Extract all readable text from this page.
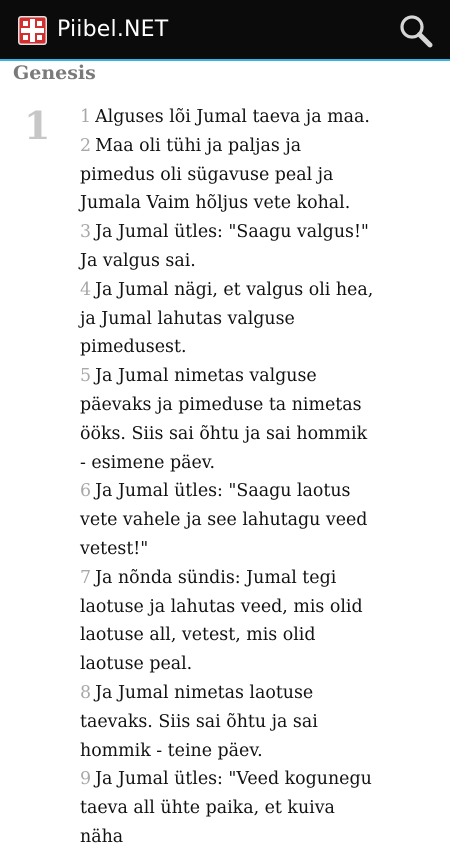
Piibel.NET
Genesis
1 1 Alguses lõi Jumal taeva ja maa.

2 Maa oli tühi ja paljas ja pimedus oli sügavuse peal ja Jumala Vaim hõljus vete kohal.

3 Ja Jumal ütles: "Saagu valgus!" Ja valgus sai.

4 Ja Jumal nägi, et valgus oli hea, ja Jumal lahutas valguse pimedusest.

5 Ja Jumal nimetas valguse päevaks ja pimeduse ta nimetas ööks. Siis sai õhtu ja sai hommik - esimene päev.

6 Ja Jumal ütles: "Saagu laotus vete vahele ja see lahutagu veed vetest!"

7 Ja nõnda sündis: Jumal tegi laotuse ja lahutas veed, mis olid laotuse all, vetest, mis olid laotuse peal.

8 Ja Jumal nimetas laotuse taevaks. Siis sai õhtu ja sai hommik - teine päev.

9 Ja Jumal ütles: "Veed kogunegu taeva all ühte paika, et kuiva näha
